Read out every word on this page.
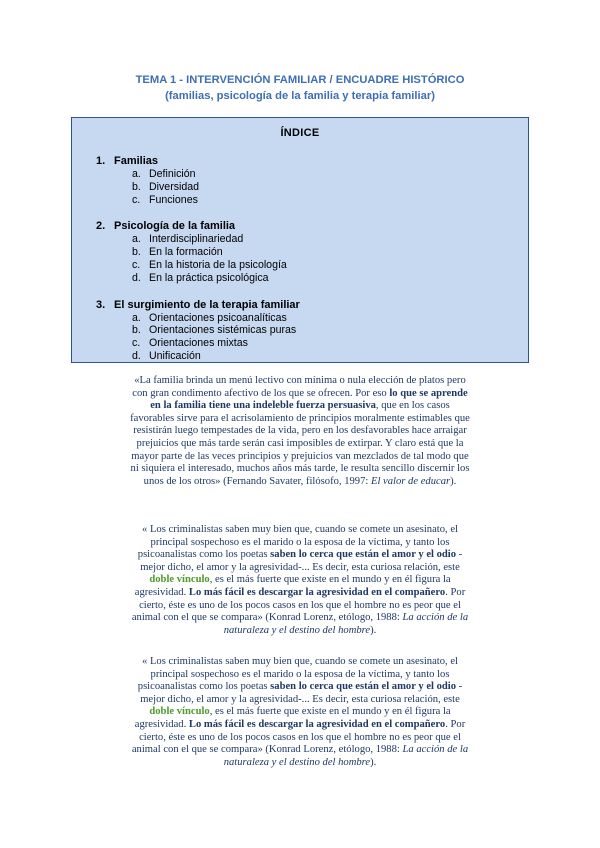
TEMA 1 - INTERVENCIÓN FAMILIAR / ENCUADRE HISTÓRICO
(familias, psicología de la familia y terapia familiar)
ÍNDICE
1. Familias
a. Definición
b. Diversidad
c. Funciones
2. Psicología de la familia
a. Interdisciplinariedad
b. En la formación
c. En la historia de la psicología
d. En la práctica psicológica
3. El surgimiento de la terapia familiar
a. Orientaciones psicoanalíticas
b. Orientaciones sistémicas puras
c. Orientaciones mixtas
d. Unificación
«La familia brinda un menú lectivo con mínima o nula elección de platos pero con gran condimento afectivo de los que se ofrecen. Por eso lo que se aprende en la familia tiene una indeleble fuerza persuasiva, que en los casos favorables sirve para el acrisolamiento de principios moralmente estimables que resistirán luego tempestades de la vida, pero en los desfavorables hace arraigar prejuicios que más tarde serán casi imposibles de extirpar. Y claro está que la mayor parte de las veces principios y prejuicios van mezclados de tal modo que ni siquiera el interesado, muchos años más tarde, le resulta sencillo discernir los unos de los otros» (Fernando Savater, filósofo, 1997: El valor de educar).
« Los criminalistas saben muy bien que, cuando se comete un asesinato, el principal sospechoso es el marido o la esposa de la víctima, y tanto los psicoanalistas como los poetas saben lo cerca que están el amor y el odio -mejor dicho, el amor y la agresividad-... Es decir, esta curiosa relación, este doble vínculo, es el más fuerte que existe en el mundo y en él figura la agresividad. Lo más fácil es descargar la agresividad en el compañero. Por cierto, éste es uno de los pocos casos en los que el hombre no es peor que el animal con el que se compara» (Konrad Lorenz, etólogo, 1988: La acción de la naturaleza y el destino del hombre).
« Los criminalistas saben muy bien que, cuando se comete un asesinato, el principal sospechoso es el marido o la esposa de la víctima, y tanto los psicoanalistas como los poetas saben lo cerca que están el amor y el odio -mejor dicho, el amor y la agresividad-... Es decir, esta curiosa relación, este doble vínculo, es el más fuerte que existe en el mundo y en él figura la agresividad. Lo más fácil es descargar la agresividad en el compañero. Por cierto, éste es uno de los pocos casos en los que el hombre no es peor que el animal con el que se compara» (Konrad Lorenz, etólogo, 1988: La acción de la naturaleza y el destino del hombre).
